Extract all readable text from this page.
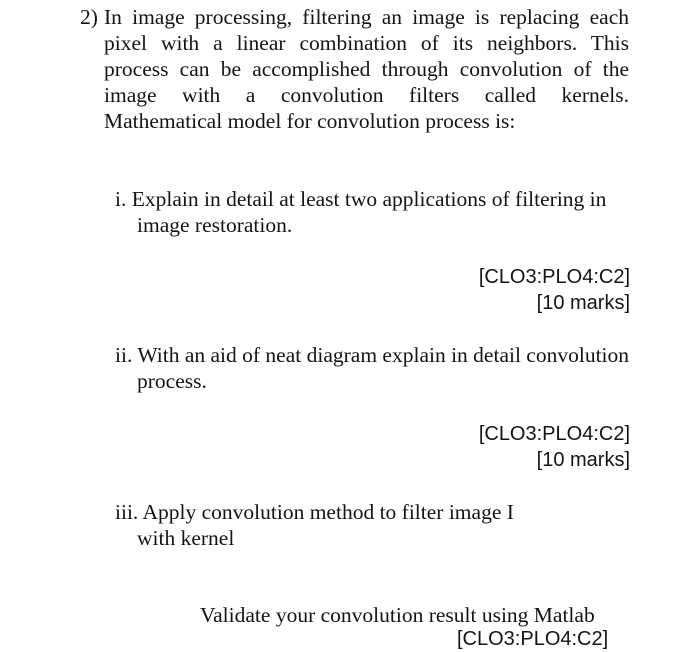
2) In image processing, filtering an image is replacing each pixel with a linear combination of its neighbors. This process can be accomplished through convolution of the image with a convolution filters called kernels. Mathematical model for convolution process is:
i. Explain in detail at least two applications of filtering in image restoration.
[CLO3:PLO4:C2]
[10 marks]
ii. With an aid of neat diagram explain in detail convolution process.
[CLO3:PLO4:C2]
[10 marks]
iii. Apply convolution method to filter image I with kernel
Validate your convolution result using Matlab
[CLO3:PLO4:C2]
